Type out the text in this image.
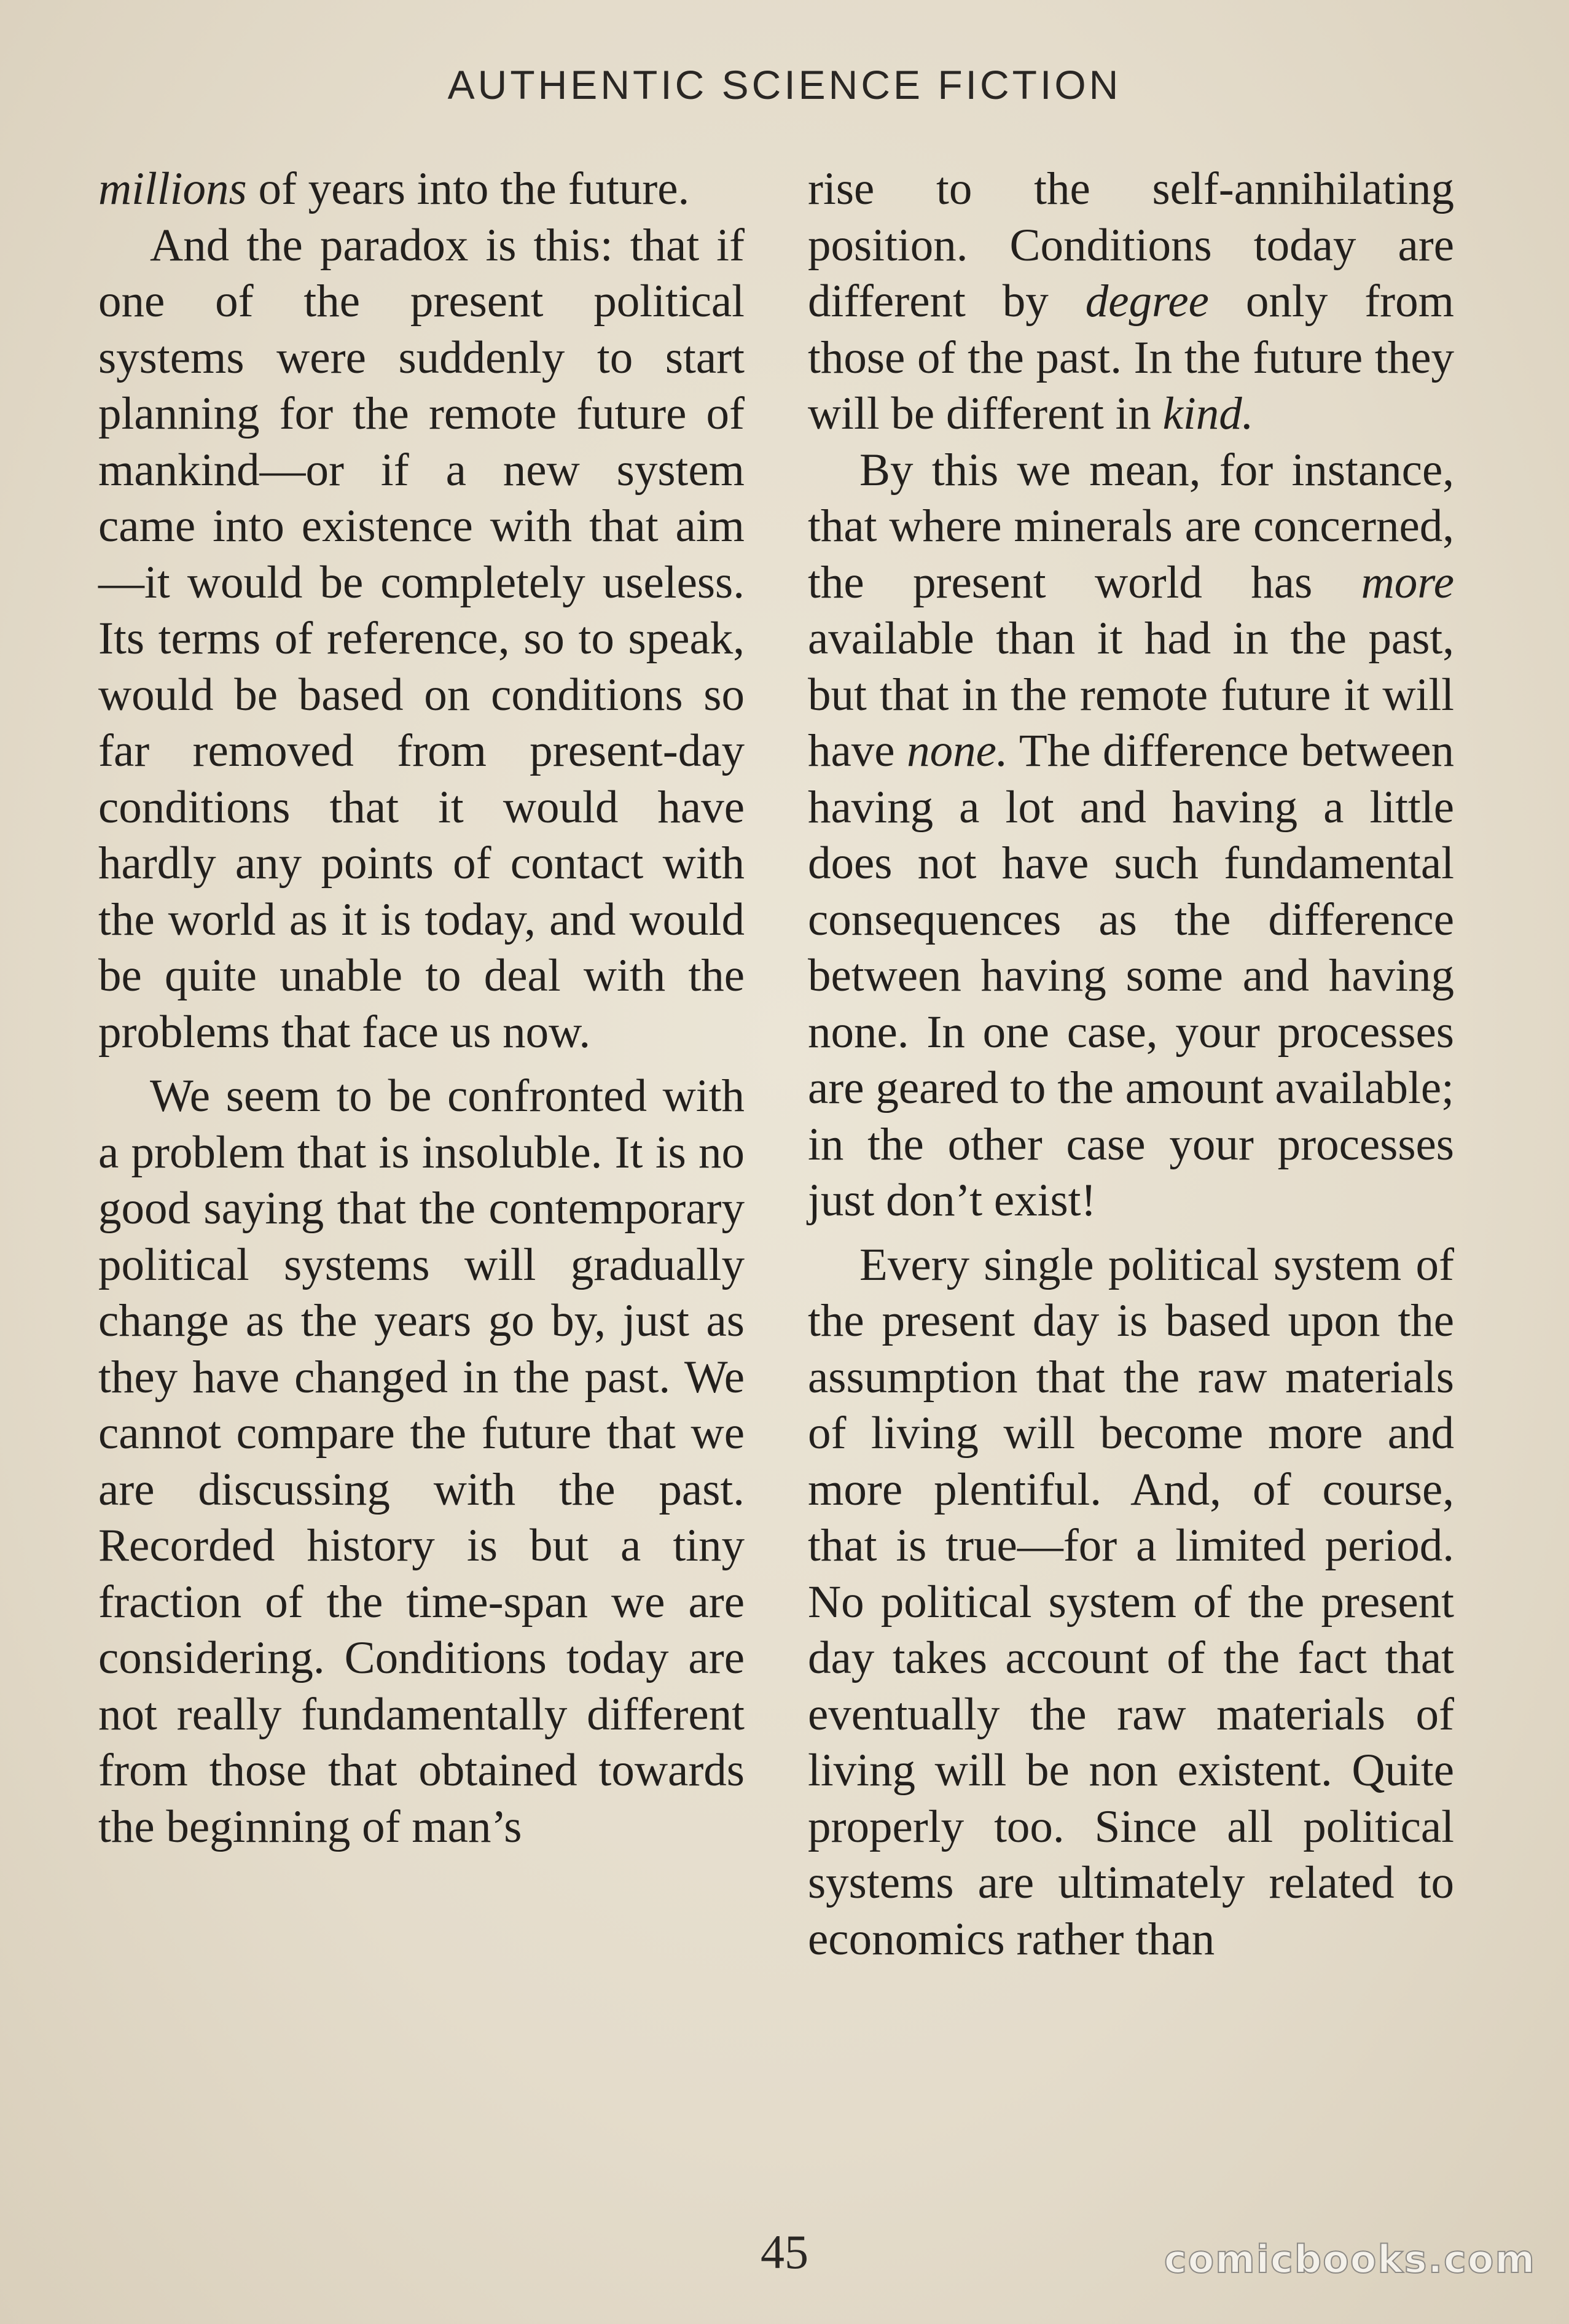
AUTHENTIC SCIENCE FICTION

millions of years into the future.

And the paradox is this: that if one of the present political systems were suddenly to start planning for the remote future of mankind—or if a new system came into existence with that aim—it would be completely useless. Its terms of reference, so to speak, would be based on conditions so far removed from present-day conditions that it would have hardly any points of contact with the world as it is today, and would be quite unable to deal with the problems that face us now.

We seem to be confronted with a problem that is insoluble. It is no good saying that the contemporary political systems will gradually change as the years go by, just as they have changed in the past. We cannot compare the future that we are discussing with the past. Recorded history is but a tiny fraction of the time-span we are considering. Conditions today are not really fundamentally different from those that obtained towards the beginning of man’s

rise to the self-annihilating position. Conditions today are different by degree only from those of the past. In the future they will be different in kind.

By this we mean, for instance, that where minerals are concerned, the present world has more available than it had in the past, but that in the remote future it will have none. The difference between having a lot and having a little does not have such fundamental consequences as the difference between having some and having none. In one case, your processes are geared to the amount available; in the other case your processes just don’t exist!

Every single political system of the present day is based upon the assumption that the raw materials of living will become more and more plentiful. And, of course, that is true—for a limited period. No political system of the present day takes account of the fact that eventually the raw materials of living will be non existent. Quite properly too. Since all political systems are ultimately related to economics rather than

45	comicbooks.com
